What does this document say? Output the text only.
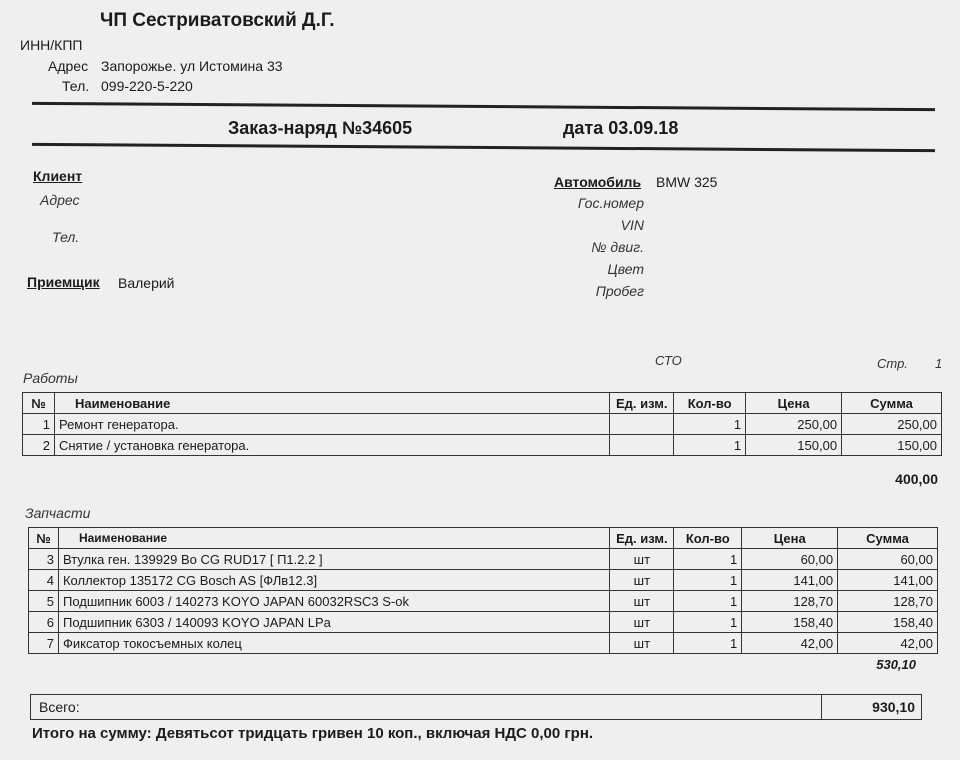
ЧП Сестриватовский Д.Г.
ИНН/КПП
Адрес Запорожье. ул Истомина 33
Тел. 099-220-5-220
Заказ-наряд №34605	дата 03.09.18
Клиент
Адрес
Тел.
Приемщик Валерий
Автомобиль BMW 325
Гос.номер
VIN
№ двиг.
Цвет
Пробег
СТО	Стр. 1
Работы
№	Наименование	Ед. изм.	Кол-во	Цена	Сумма
1	Ремонт генератора.		1	250,00	250,00
2	Снятие / установка генератора.		1	150,00	150,00
400,00
Запчасти
№	Наименование	Ед. изм.	Кол-во	Цена	Сумма
3	Втулка ген. 139929 Bo CG RUD17 [ П1.2.2 ]	шт	1	60,00	60,00
4	Коллектор 135172 CG Bosch AS [ФЛв12.3]	шт	1	141,00	141,00
5	Подшипник 6003 / 140273 KOYO JAPAN 60032RSC3 S-ok	шт	1	128,70	128,70
6	Подшипник 6303 / 140093 KOYO JAPAN LPa	шт	1	158,40	158,40
7	Фиксатор токосъемных колец	шт	1	42,00	42,00
530,10
Всего:	930,10
Итого на сумму: Девятьсот тридцать гривен 10 коп., включая НДС 0,00 грн.
